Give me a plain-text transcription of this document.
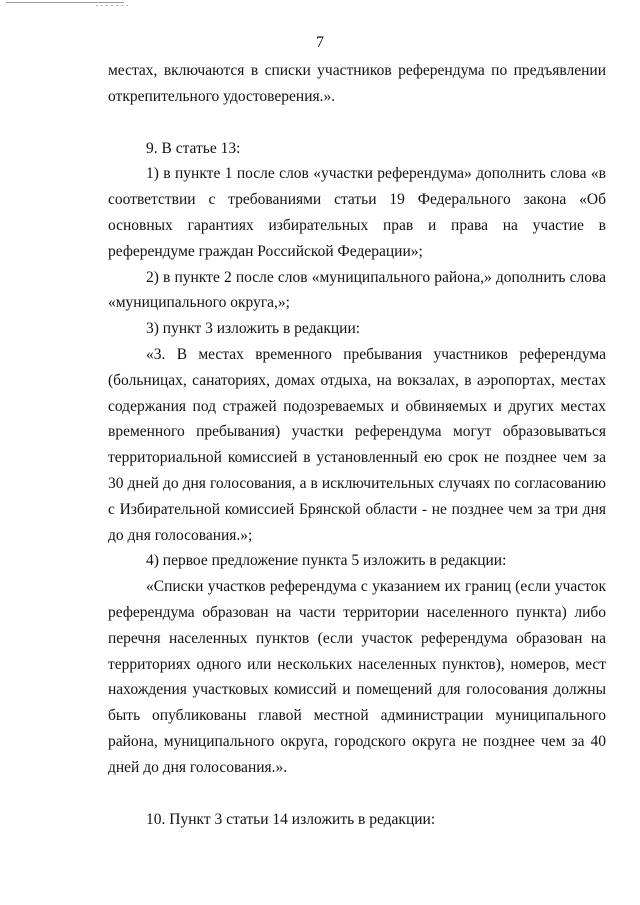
7

местах, включаются в списки участников референдума по предъявлении открепительного удостоверения.».

9. В статье 13:

1) в пункте 1 после слов «участки референдума» дополнить слова «в соответствии с требованиями статьи 19 Федерального закона «Об основных гарантиях избирательных прав и права на участие в референдуме граждан Российской Федерации»;

2) в пункте 2 после слов «муниципального района,» дополнить слова «муниципального округа,»;

3) пункт 3 изложить в редакции:

«3. В местах временного пребывания участников референдума (больницах, санаториях, домах отдыха, на вокзалах, в аэропортах, местах содержания под стражей подозреваемых и обвиняемых и других местах временного пребывания) участки референдума могут образовываться территориальной комиссией в установленный ею срок не позднее чем за 30 дней до дня голосования, а в исключительных случаях по согласованию с Избирательной комиссией Брянской области - не позднее чем за три дня до дня голосования.»;

4) первое предложение пункта 5 изложить в редакции:

«Списки участков референдума с указанием их границ (если участок референдума образован на части территории населенного пункта) либо перечня населенных пунктов (если участок референдума образован на территориях одного или нескольких населенных пунктов), номеров, мест нахождения участковых комиссий и помещений для голосования должны быть опубликованы главой местной администрации муниципального района, муниципального округа, городского округа не позднее чем за 40 дней до дня голосования.».

10. Пункт 3 статьи 14 изложить в редакции:
